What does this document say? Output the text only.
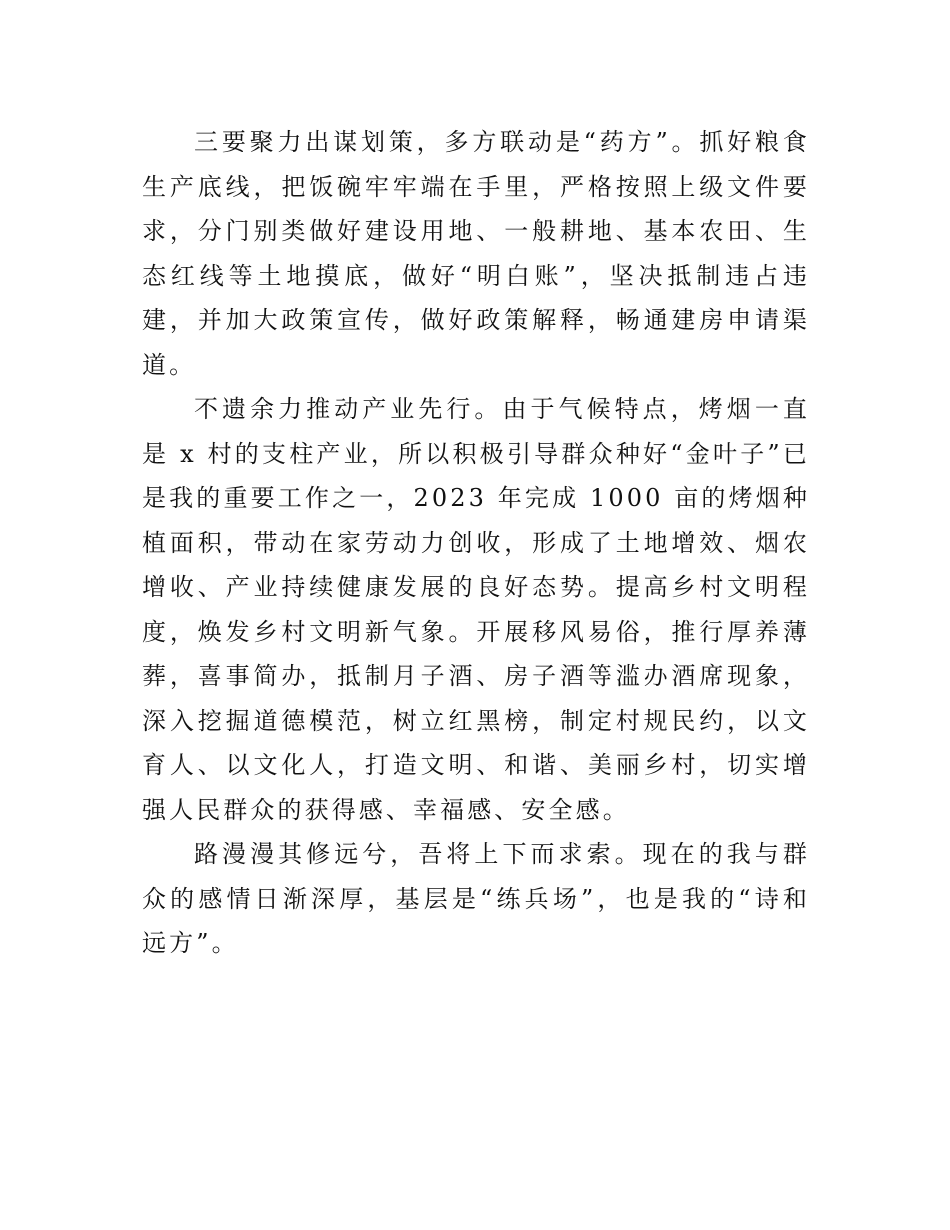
三要聚力出谋划策，多方联动是“药方”。抓好粮食生产底线，把饭碗牢牢端在手里，严格按照上级文件要求，分门别类做好建设用地、一般耕地、基本农田、生态红线等土地摸底，做好“明白账”，坚决抵制违占违建，并加大政策宣传，做好政策解释，畅通建房申请渠道。

不遗余力推动产业先行。由于气候特点，烤烟一直是 x 村的支柱产业，所以积极引导群众种好“金叶子”已是我的重要工作之一，2023 年完成 1000 亩的烤烟种植面积，带动在家劳动力创收，形成了土地增效、烟农增收、产业持续健康发展的良好态势。提高乡村文明程度，焕发乡村文明新气象。开展移风易俗，推行厚养薄葬，喜事简办，抵制月子酒、房子酒等滥办酒席现象，深入挖掘道德模范，树立红黑榜，制定村规民约，以文育人、以文化人，打造文明、和谐、美丽乡村，切实增强人民群众的获得感、幸福感、安全感。

路漫漫其修远兮，吾将上下而求索。现在的我与群众的感情日渐深厚，基层是“练兵场”，也是我的“诗和远方”。
